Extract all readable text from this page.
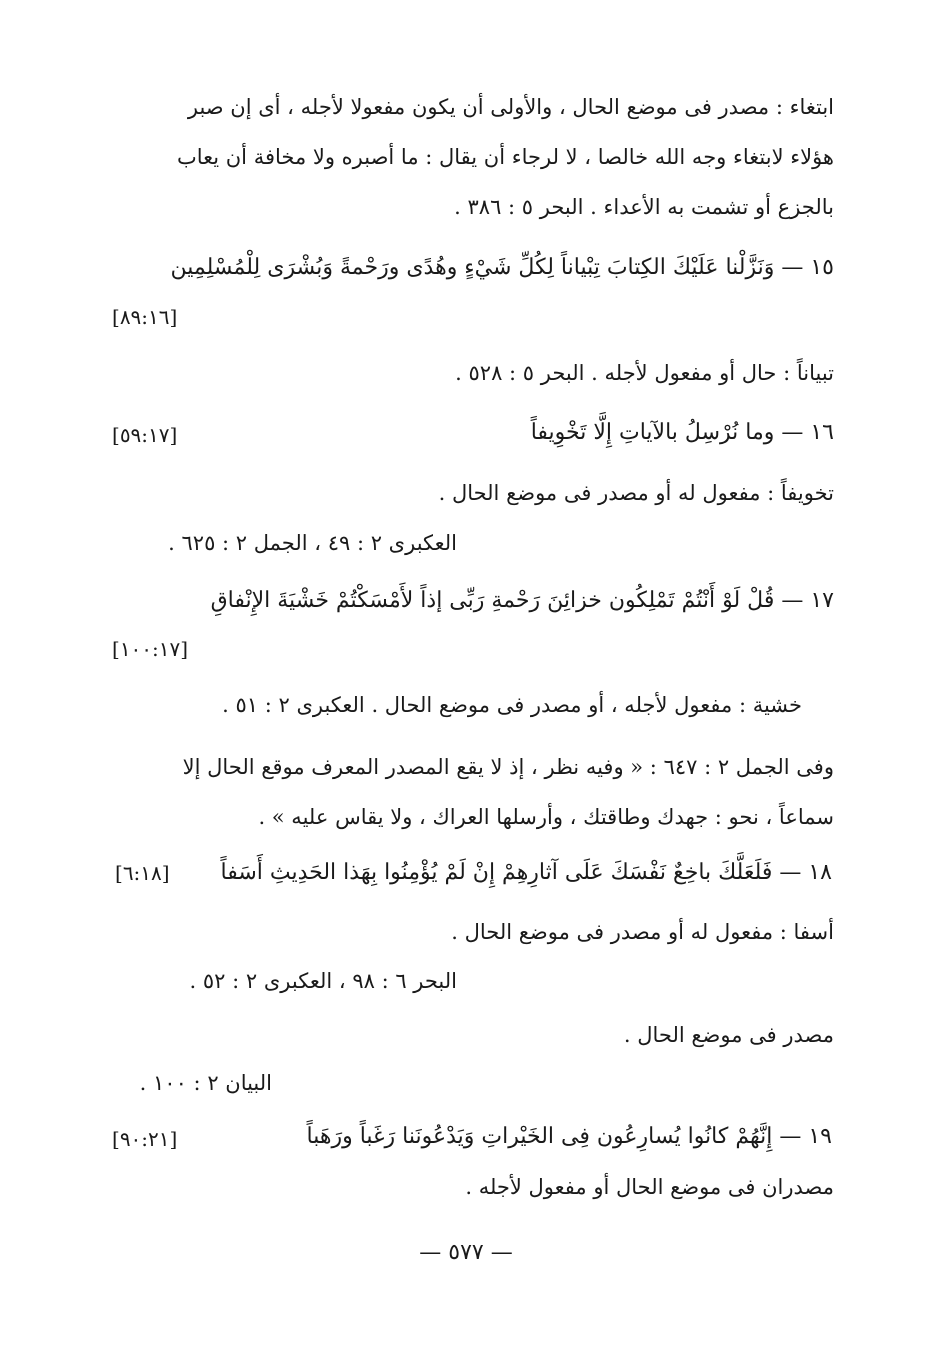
ابتغاء : مصدر فى موضع الحال ، والأولى أن يكون مفعولا لأجله ، أى إن صبر
هؤلاء لابتغاء وجه الله خالصا ، لا لرجاء أن يقال : ما أصبره ولا مخافة أن يعاب
بالجزع أو تشمت به الأعداء . البحر ٥ : ٣٨٦ .
١٥ — وَنَزَّلْنا عَلَيْكَ الكِتابَ تِبْياناً لِكُلِّ شَيْءٍ وهُدًى ورَحْمةً وَبُشْرَى لِلْمُسْلِمِين
[٨٩:١٦]
تبياناً : حال أو مفعول لأجله . البحر ٥ : ٥٢٨ .
١٦ — وما نُرْسِلُ بالآياتِ إِلَّا تَخْوِيفاً
[٥٩:١٧]
تخويفاً : مفعول له أو مصدر فى موضع الحال .
العكبرى ٢ : ٤٩ ، الجمل ٢ : ٦٢٥ .
١٧ — قُلْ لَوْ أَنْتُمْ تَمْلِكُون خزائِنَ رَحْمةِ رَبِّى إذاً لأَمْسَكْتُمْ خَشْيَةَ الإِنْفاقِ
[١٠٠:١٧]
خشية : مفعول لأجله ، أو مصدر فى موضع الحال . العكبرى ٢ : ٥١ .
وفى الجمل ٢ : ٦٤٧ : « وفيه نظر ، إذ لا يقع المصدر المعرف موقع الحال إلا
سماعاً ، نحو : جهدك وطاقتك ، وأرسلها العراك ، ولا يقاس عليه » .
١٨ — فَلَعَلَّكَ باخِعٌ نَفْسَكَ عَلَى آثارِهِمْ إِنْ لَمْ يُؤْمِنُوا بِهَذا الحَدِيثِ أَسَفاً
[٦:١٨]
أسفا : مفعول له أو مصدر فى موضع الحال .
البحر ٦ : ٩٨ ، العكبرى ٢ : ٥٢ .
مصدر فى موضع الحال .
البيان ٢ : ١٠٠ .
١٩ — إِنَّهُمْ كانُوا يُسارِعُون فِى الخَيْراتِ وَيَدْعُونَنا رَغَباً ورَهَباً
[٩٠:٢١]
مصدران فى موضع الحال أو مفعول لأجله .
— ٥٧٧ —
